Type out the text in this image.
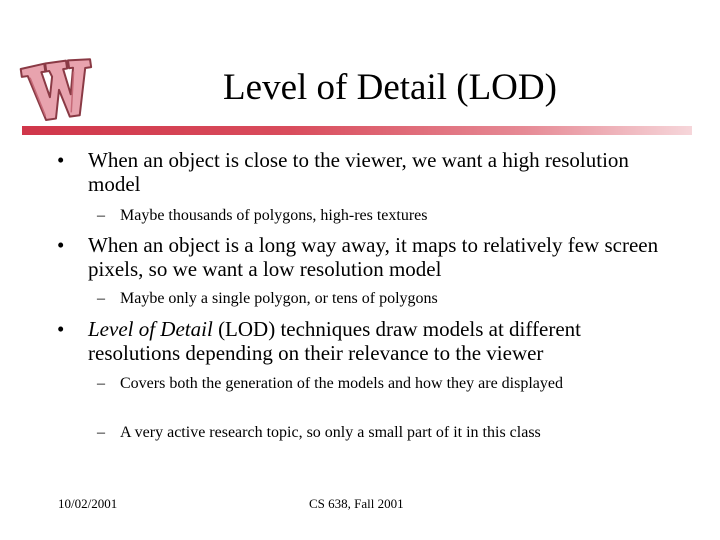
Level of Detail (LOD)
• When an object is close to the viewer, we want a high resolution model
– Maybe thousands of polygons, high-res textures
• When an object is a long way away, it maps to relatively few screen pixels, so we want a low resolution model
– Maybe only a single polygon, or tens of polygons
• Level of Detail (LOD) techniques draw models at different resolutions depending on their relevance to the viewer
– Covers both the generation of the models and how they are displayed
– A very active research topic, so only a small part of it in this class
10/02/2001	CS 638, Fall 2001
